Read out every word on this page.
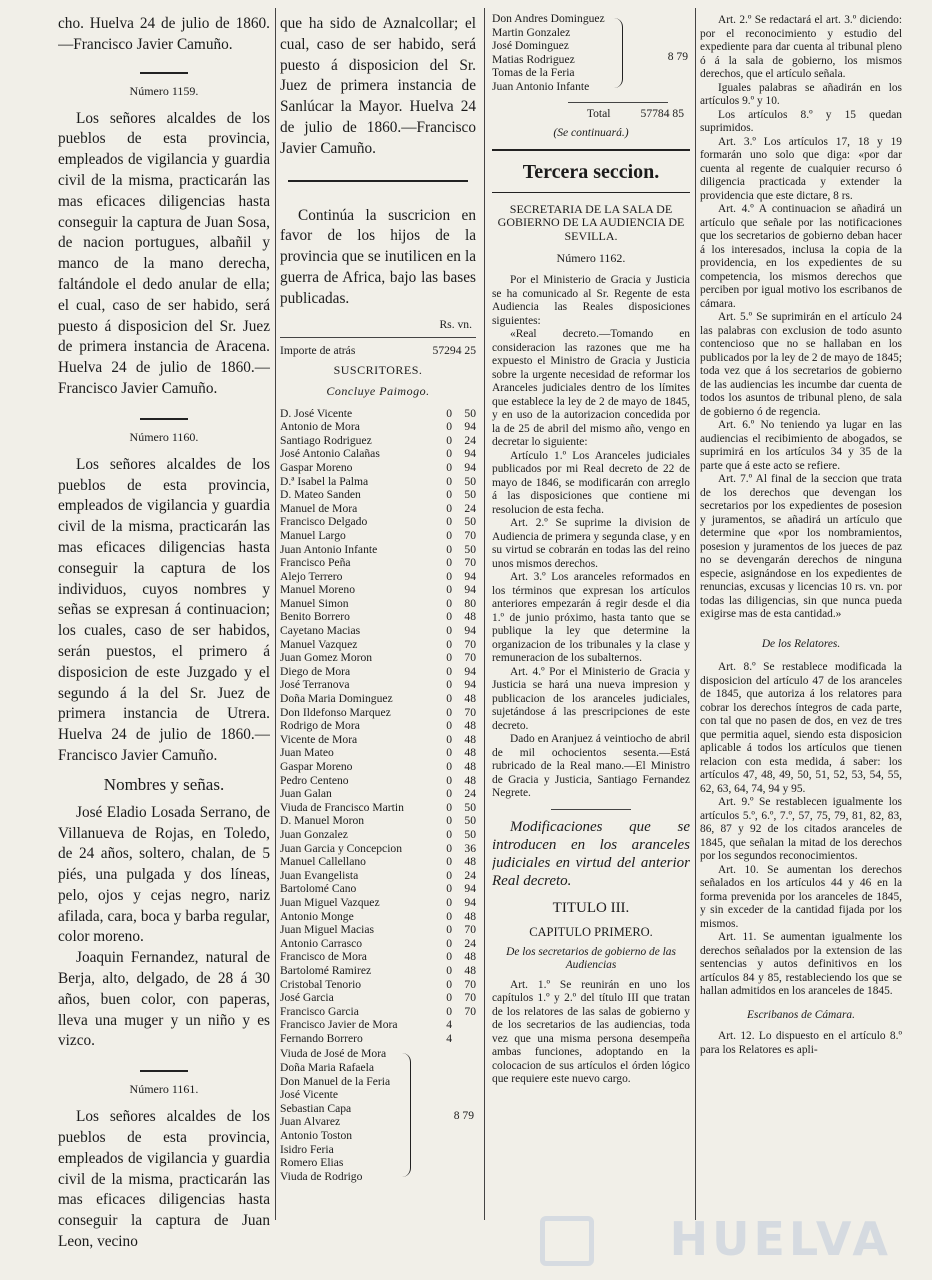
cho. Huelva 24 de julio de 1860.—Francisco Javier Camuño.

Número 1159.

Los señores alcaldes de los pueblos de esta provincia, empleados de vigilancia y guardia civil de la misma, practicarán las mas eficaces diligencias hasta conseguir la captura de Juan Sosa, de nacion portugues, albañil y manco de la mano derecha, faltándole el dedo anular de ella; el cual, caso de ser habido, será puesto á disposicion del Sr. Juez de primera instancia de Aracena. Huelva 24 de julio de 1860.—Francisco Javier Camuño.

Número 1160.

Los señores alcaldes de los pueblos de esta provincia, empleados de vigilancia y guardia civil de la misma, practicarán las mas eficaces diligencias hasta conseguir la captura de los individuos, cuyos nombres y señas se expresan á continuacion; los cuales, caso de ser habidos, serán puestos, el primero á disposicion de este Juzgado y el segundo á la del Sr. Juez de primera instancia de Utrera. Huelva 24 de julio de 1860.—Francisco Javier Camuño.

Nombres y señas.

José Eladio Losada Serrano, de Villanueva de Rojas, en Toledo, de 24 años, soltero, chalan, de 5 piés, una pulgada y dos líneas, pelo, ojos y cejas negro, nariz afilada, cara, boca y barba regular, color moreno.

Joaquin Fernandez, natural de Berja, alto, delgado, de 28 á 30 años, buen color, con paperas, lleva una muger y un niño y es vizco.

Número 1161.

Los señores alcaldes de los pueblos de esta provincia, empleados de vigilancia y guardia civil de la misma, practicarán las mas eficaces diligencias hasta conseguir la captura de Juan Leon, vecino

que ha sido de Aznalcollar; el cual, caso de ser habido, será puesto á disposicion del Sr. Juez de primera instancia de Sanlúcar la Mayor. Huelva 24 de julio de 1860.—Francisco Javier Camuño.

Continúa la suscricion en favor de los hijos de la provincia que se inutilicen en la guerra de Africa, bajo las bases publicadas.

Rs. vn.
Importe de atrás	57294 25
SUSCRITORES.
Concluye Paimogo.
D. José Vicente	0	50
Antonio de Mora	0	94
Santiago Rodriguez	0	24
José Antonio Calañas	0	94
Gaspar Moreno	0	94
D.ª Isabel la Palma	0	50
D. Mateo Sanden	0	50
Manuel de Mora	0	24
Francisco Delgado	0	50
Manuel Largo	0	70
Juan Antonio Infante	0	50
Francisco Peña	0	70
Alejo Terrero	0	94
Manuel Moreno	0	94
Manuel Simon	0	80
Benito Borrero	0	48
Cayetano Macias	0	94
Manuel Vazquez	0	70
Juan Gomez Moron	0	70
Diego de Mora	0	94
José Terranova	0	94
Doña Maria Dominguez	0	48
Don Ildefonso Marquez	0	70
Rodrigo de Mora	0	48
Vicente de Mora	0	48
Juan Mateo	0	48
Gaspar Moreno	0	48
Pedro Centeno	0	48
Juan Galan	0	24
Viuda de Francisco Martin	0	50
D. Manuel Moron	0	50
Juan Gonzalez	0	50
Juan Garcia y Concepcion	0	36
Manuel Callellano	0	48
Juan Evangelista	0	24
Bartolomé Cano	0	94
Juan Miguel Vazquez	0	94
Antonio Monge	0	48
Juan Miguel Macias	0	70
Antonio Carrasco	0	24
Francisco de Mora	0	48
Bartolomé Ramirez	0	48
Cristobal Tenorio	0	70
José Garcia	0	70
Francisco Garcia	0	70
Francisco Javier de Mora	4
Fernando Borrero	4
8 79
Viuda de José de Mora
Doña Maria Rafaela
Don Manuel de la Feria
José Vicente
Sebastian Capa
Juan Alvarez
Antonio Toston
Isidro Feria
Romero Elias
Viuda de Rodrigo
8 79
Don Andres Dominguez
Martin Gonzalez
José Dominguez
Matias Rodriguez
Tomas de la Feria
Juan Antonio Infante
Total	57784 85
(Se continuará.)
Tercera seccion.

SECRETARIA DE LA SALA DE GOBIERNO DE LA AUDIENCIA DE SEVILLA.

Número 1162.

Por el Ministerio de Gracia y Justicia se ha comunicado al Sr. Regente de esta Audiencia las Reales disposiciones siguientes:

«Real decreto.—Tomando en consideracion las razones que me ha expuesto el Ministro de Gracia y Justicia sobre la urgente necesidad de reformar los Aranceles judiciales dentro de los límites que establece la ley de 2 de mayo de 1845, y en uso de la autorizacion concedida por la de 25 de abril del mismo año, vengo en decretar lo siguiente:

Artículo 1.º Los Aranceles judiciales publicados por mi Real decreto de 22 de mayo de 1846, se modificarán con arreglo á las disposiciones que contiene mi resolucion de esta fecha.

Art. 2.º Se suprime la division de Audiencia de primera y segunda clase, y en su virtud se cobrarán en todas las del reino unos mismos derechos.

Art. 3.º Los aranceles reformados en los términos que expresan los artículos anteriores empezarán á regir desde el dia 1.º de junio próximo, hasta tanto que se publique la ley que determine la organizacion de los tribunales y la clase y remuneracion de los subalternos.

Art. 4.º Por el Ministerio de Gracia y Justicia se hará una nueva impresion y publicacion de los aranceles judiciales, sujetándose á las prescripciones de este decreto.

Dado en Aranjuez á veintiocho de abril de mil ochocientos sesenta.—Está rubricado de la Real mano.—El Ministro de Gracia y Justicia, Santiago Fernandez Negrete.

Modificaciones que se introducen en los aranceles judiciales en virtud del anterior Real decreto.

TITULO III.
CAPITULO PRIMERO.

De los secretarios de gobierno de las Audiencias

Art. 1.º Se reunirán en uno los capítulos 1.º y 2.º del título III que tratan de los relatores de las salas de gobierno y de los secretarios de las audiencias, toda vez que una misma persona desempeña ambas funciones, adoptando en la colocacion de sus artículos el órden lógico que requiere este nuevo cargo.

Art. 2.º Se redactará el art. 3.º diciendo: por el reconocimiento y estudio del expediente para dar cuenta al tribunal pleno ó á la sala de gobierno, los mismos derechos, que el artículo señala.

Iguales palabras se añadirán en los artículos 9.º y 10.

Los artículos 8.º y 15 quedan suprimidos.

Art. 3.º Los artículos 17, 18 y 19 formarán uno solo que diga: «por dar cuenta al regente de cualquier recurso ó diligencia practicada y extender la providencia que este dictare, 8 rs.

Art. 4.º A continuacion se añadirá un artículo que señale por las notificaciones que los secretarios de gobierno deban hacer á los interesados, inclusa la copia de la providencia, en los expedientes de su competencia, los mismos derechos que perciben por igual motivo los escribanos de cámara.

Art. 5.º Se suprimirán en el artículo 24 las palabras con exclusion de todo asunto contencioso que no se hallaban en los publicados por la ley de 2 de mayo de 1845; toda vez que á los secretarios de gobierno de las audiencias les incumbe dar cuenta de todos los asuntos de tribunal pleno, de sala de gobierno ó de regencia.

Art. 6.º No teniendo ya lugar en las audiencias el recibimiento de abogados, se suprimirá en los artículos 34 y 35 de la parte que á este acto se refiere.

Art. 7.º Al final de la seccion que trata de los derechos que devengan los secretarios por los expedientes de posesion y juramentos, se añadirá un artículo que determine que «por los nombramientos, posesion y juramentos de los jueces de paz no se devengarán derechos de ninguna especie, asignándose en los expedientes de renuncias, excusas y licencias 10 rs. vn. por todas las diligencias, sin que nunca pueda exigirse mas de esta cantidad.»

De los Relatores.

Art. 8.º Se restablece modificada la disposicion del artículo 47 de los aranceles de 1845, que autoriza á los relatores para cobrar los derechos íntegros de cada parte, con tal que no pasen de dos, en vez de tres que permitia aquel, siendo esta disposicion aplicable á todos los artículos que tienen relacion con esta medida, á saber: los artículos 47, 48, 49, 50, 51, 52, 53, 54, 55, 62, 63, 64, 74, 94 y 95.

Art. 9.º Se restablecen igualmente los artículos 5.º, 6.º, 7.º, 57, 75, 79, 81, 82, 83, 86, 87 y 92 de los citados aranceles de 1845, que señalan la mitad de los derechos por los segundos reconocimientos.

Art. 10. Se aumentan los derechos señalados en los artículos 44 y 46 en la forma prevenida por los aranceles de 1845, y sin exceder de la cantidad fijada por los mismos.

Art. 11. Se aumentan igualmente los derechos señalados por la extension de las sentencias y autos definitivos en los artículos 84 y 85, restableciendo los que se hallan admitidos en los aranceles de 1845.

Escribanos de Cámara.

Art. 12. Lo dispuesto en el artículo 8.º para los Relatores es apli-

HUELVA
